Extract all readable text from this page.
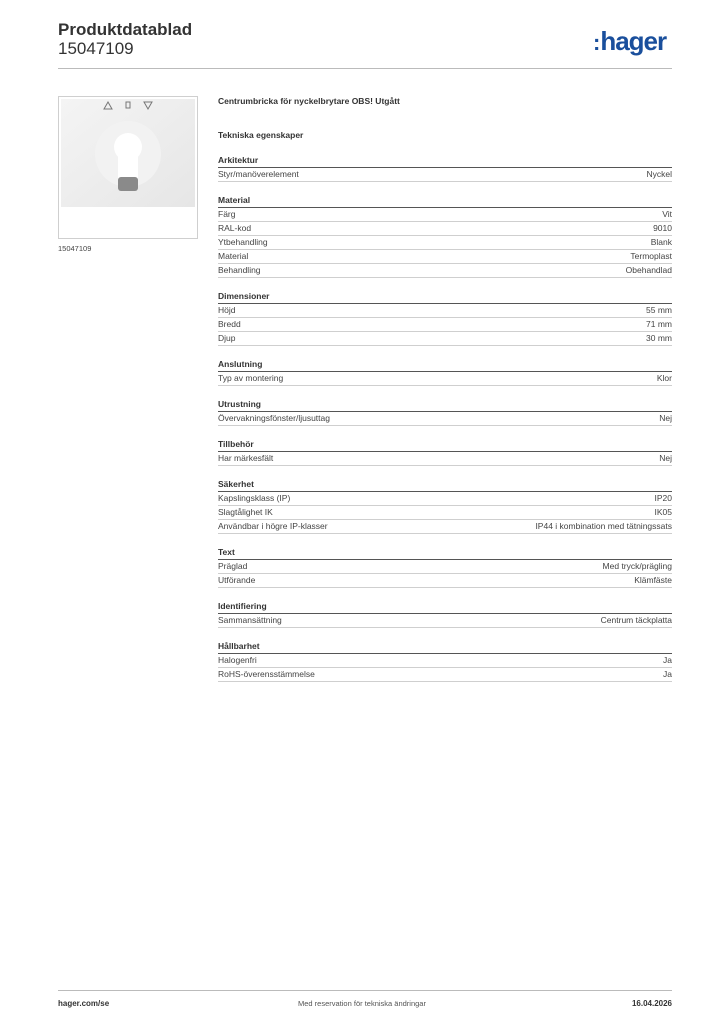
Produktdatablad
15047109	:hager
15047109
Centrumbricka för nyckelbrytare OBS! Utgått
Tekniska egenskaper
Arkitektur
Styr/manöverelement	Nyckel
Material
Färg	Vit
RAL-kod	9010
Ytbehandling	Blank
Material	Termoplast
Behandling	Obehandlad
Dimensioner
Höjd	55 mm
Bredd	71 mm
Djup	30 mm
Anslutning
Typ av montering	Klor
Utrustning
Övervakningsfönster/ljusuttag	Nej
Tillbehör
Har märkesfält	Nej
Säkerhet
Kapslingsklass (IP)	IP20
Slagtålighet IK	IK05
Användbar i högre IP-klasser	IP44 i kombination med tätningssats
Text
Präglad	Med tryck/prägling
Utförande	Klämfäste
Identifiering
Sammansättning	Centrum täckplatta
Hållbarhet
Halogenfri	Ja
RoHS-överensstämmelse	Ja
hager.com/se	Med reservation för tekniska ändringar	16.04.2026
